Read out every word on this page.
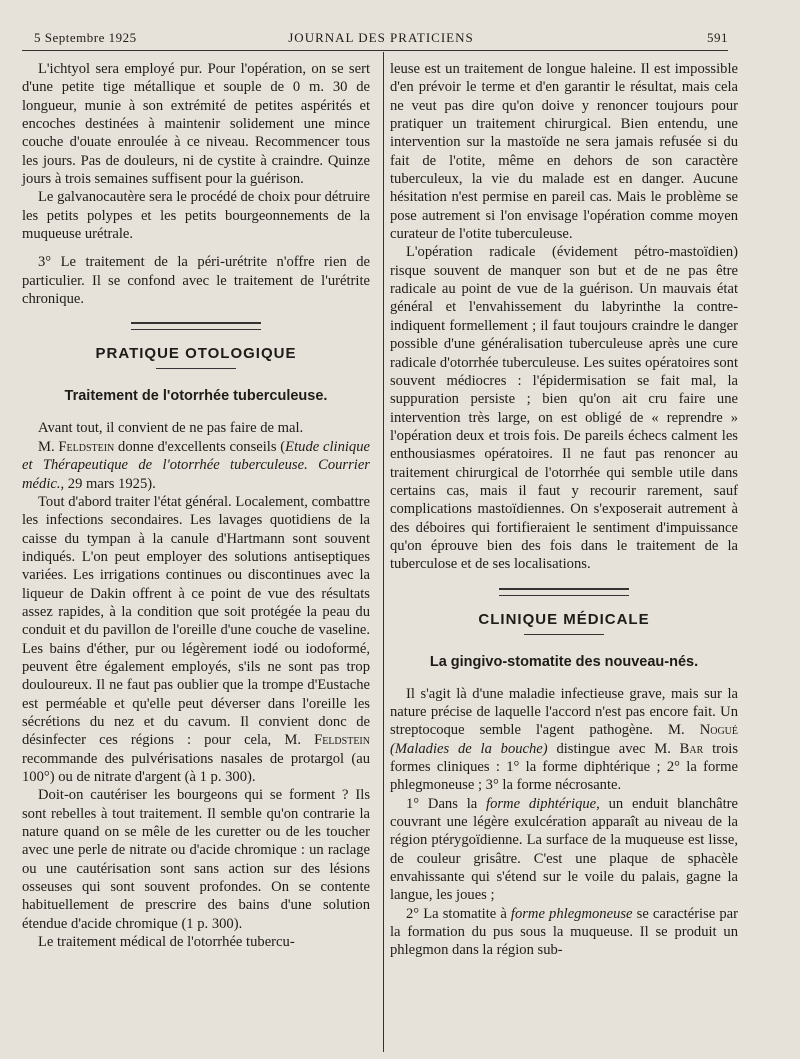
5 Septembre 1925	JOURNAL DES PRATICIENS	591

L'ichtyol sera employé pur. Pour l'opération, on se sert d'une petite tige métallique et souple de 0 m. 30 de longueur, munie à son extrémité de petites aspérités et encoches destinées à maintenir solidement une mince couche d'ouate enroulée à ce niveau. Recommencer tous les jours. Pas de douleurs, ni de cystite à craindre. Quinze jours à trois semaines suffisent pour la guérison.

Le galvanocautère sera le procédé de choix pour détruire les petits polypes et les petits bourgeonnements de la muqueuse urétrale.

3° Le traitement de la péri-urétrite n'offre rien de particulier. Il se confond avec le traitement de l'urétrite chronique.

PRATIQUE OTOLOGIQUE
Traitement de l'otorrhée tuberculeuse.

Avant tout, il convient de ne pas faire de mal.

M. Feldstein donne d'excellents conseils (Etude clinique et Thérapeutique de l'otorrhée tuberculeuse. Courrier médic., 29 mars 1925).

Tout d'abord traiter l'état général. Localement, combattre les infections secondaires. Les lavages quotidiens de la caisse du tympan à la canule d'Hartmann sont souvent indiqués. L'on peut employer des solutions antiseptiques variées. Les irrigations continues ou discontinues avec la liqueur de Dakin offrent à ce point de vue des résultats assez rapides, à la condition que soit protégée la peau du conduit et du pavillon de l'oreille d'une couche de vaseline. Les bains d'éther, pur ou légèrement iodé ou iodoformé, peuvent être également employés, s'ils ne sont pas trop douloureux. Il ne faut pas oublier que la trompe d'Eustache est perméable et qu'elle peut déverser dans l'oreille les sécrétions du nez et du cavum. Il convient donc de désinfecter ces régions : pour cela, M. Feldstein recommande des pulvérisations nasales de protargol (au 100°) ou de nitrate d'argent (à 1 p. 300).

Doit-on cautériser les bourgeons qui se forment ? Ils sont rebelles à tout traitement. Il semble qu'on contrarie la nature quand on se mêle de les curetter ou de les toucher avec une perle de nitrate ou d'acide chromique : un raclage ou une cautérisation sont sans action sur des lésions osseuses qui sont souvent profondes. On se contente habituellement de prescrire des bains d'une solution étendue d'acide chromique (1 p. 300).

Le traitement médical de l'otorrhée tubercu-

leuse est un traitement de longue haleine. Il est impossible d'en prévoir le terme et d'en garantir le résultat, mais cela ne veut pas dire qu'on doive y renoncer toujours pour pratiquer un traitement chirurgical. Bien entendu, une intervention sur la mastoïde ne sera jamais refusée si du fait de l'otite, même en dehors de son caractère tuberculeux, la vie du malade est en danger. Aucune hésitation n'est permise en pareil cas. Mais le problème se pose autrement si l'on envisage l'opération comme moyen curateur de l'otite tuberculeuse.

L'opération radicale (évidement pétro-mastoïdien) risque souvent de manquer son but et de ne pas être radicale au point de vue de la guérison. Un mauvais état général et l'envahissement du labyrinthe la contre-indiquent formellement ; il faut toujours craindre le danger possible d'une généralisation tuberculeuse après une cure radicale d'otorrhée tuberculeuse. Les suites opératoires sont souvent médiocres : l'épidermisation se fait mal, la suppuration persiste ; bien qu'on ait cru faire une intervention très large, on est obligé de « reprendre » l'opération deux et trois fois. De pareils échecs calment les enthousiasmes opératoires. Il ne faut pas renoncer au traitement chirurgical de l'otorrhée qui semble utile dans certains cas, mais il faut y recourir rarement, sauf complications mastoïdiennes. On s'exposerait autrement à des déboires qui fortifieraient le sentiment d'impuissance qu'on éprouve bien des fois dans le traitement de la tuberculose et de ses localisations.

CLINIQUE MÉDICALE
La gingivo-stomatite des nouveau-nés.

Il s'agit là d'une maladie infectieuse grave, mais sur la nature précise de laquelle l'accord n'est pas encore fait. Un streptocoque semble l'agent pathogène. M. Nogué (Maladies de la bouche) distingue avec M. Bar trois formes cliniques : 1° la forme diphtérique ; 2° la forme phlegmoneuse ; 3° la forme nécrosante.

1° Dans la forme diphtérique, un enduit blanchâtre couvrant une légère exulcération apparaît au niveau de la région ptérygoïdienne. La surface de la muqueuse est lisse, de couleur grisâtre. C'est une plaque de sphacèle envahissante qui s'étend sur le voile du palais, gagne la langue, les joues ;

2° La stomatite à forme phlegmoneuse se caractérise par la formation du pus sous la muqueuse. Il se produit un phlegmon dans la région sub-
